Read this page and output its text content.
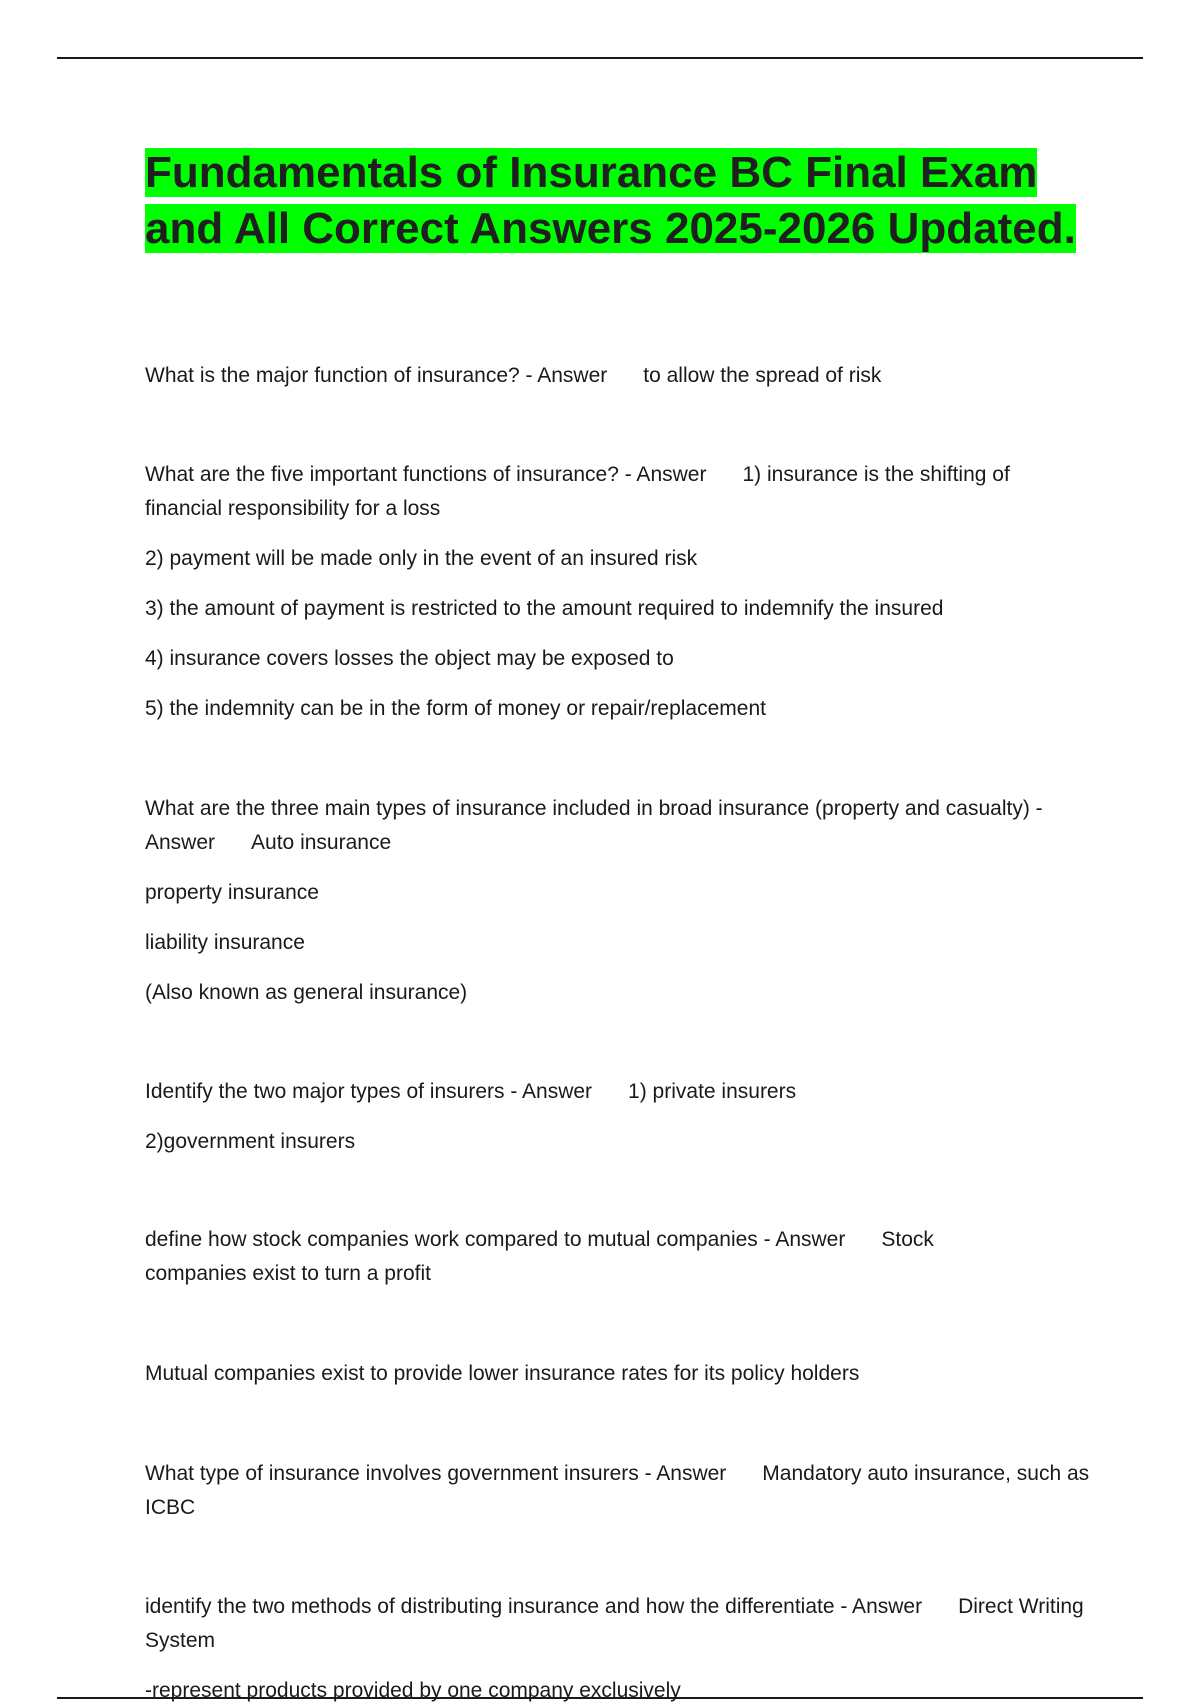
Fundamentals of Insurance BC Final Exam and All Correct Answers 2025-2026 Updated.

What is the major function of insurance? - Answer to allow the spread of risk

What are the five important functions of insurance? - Answer 1) insurance is the shifting of financial responsibility for a loss

2) payment will be made only in the event of an insured risk

3) the amount of payment is restricted to the amount required to indemnify the insured

4) insurance covers losses the object may be exposed to

5) the indemnity can be in the form of money or repair/replacement

What are the three main types of insurance included in broad insurance (property and casualty) - Answer Auto insurance

property insurance

liability insurance

(Also known as general insurance)

Identify the two major types of insurers - Answer 1) private insurers

2)government insurers

define how stock companies work compared to mutual companies - Answer Stock companies exist to turn a profit

Mutual companies exist to provide lower insurance rates for its policy holders

What type of insurance involves government insurers - Answer Mandatory auto insurance, such as ICBC

identify the two methods of distributing insurance and how the differentiate - Answer Direct Writing System

-represent products provided by one company exclusively
